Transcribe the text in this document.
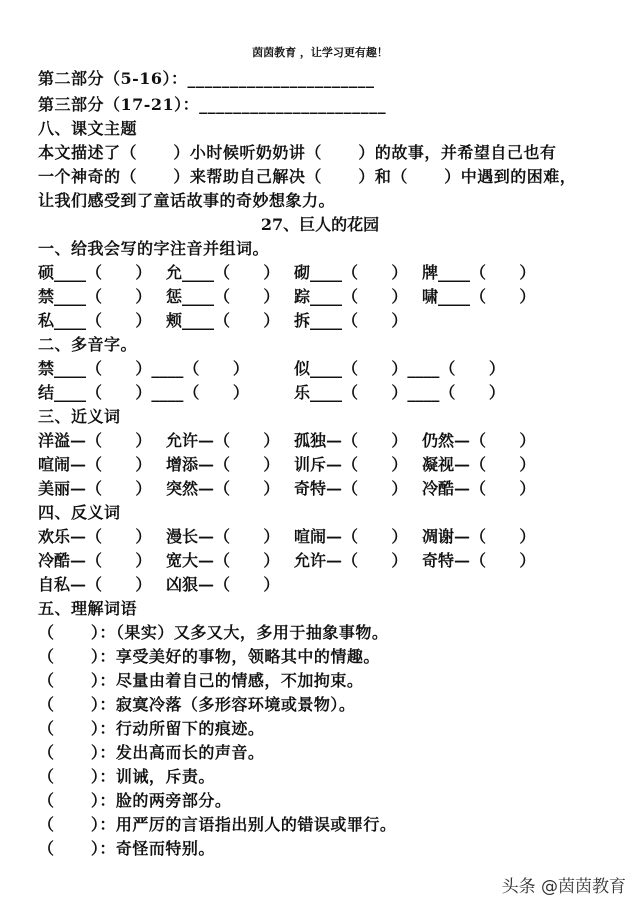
茵茵教育 ，让学习更有趣！
第二部分（5-16）：______________________
第三部分（17-21）：______________________
八、课文主题
本文描述了（      ）小时候听奶奶讲（      ）的故事，并希望自己也有
一个神奇的（      ）来帮助自己解决（      ）和（      ）中遇到的困难，
让我们感受到了童话故事的奇妙想象力。
27、巨人的花园
一、给我会写的字注音并组词。
硕____（      ） 允____（      ） 砌____（      ） 牌____（      ）
禁____（      ） 惩____（      ） 踪____（      ） 啸____（      ）
私____（      ） 颊____（      ） 拆____（      ）
二、多音字。
禁____（      ）____（      ）	似____（      ）____（      ）
结____（      ）____（      ）	乐____（      ）____（      ）
三、近义词
洋溢—（      ） 允许—（      ） 孤独—（      ） 仍然—（      ）
喧闹—（      ） 增添—（      ） 训斥—（      ） 凝视—（      ）
美丽—（      ） 突然—（      ） 奇特—（      ） 冷酷—（      ）
四、反义词
欢乐—（      ） 漫长—（      ） 喧闹—（      ） 凋谢—（      ）
冷酷—（      ） 宽大—（      ） 允许—（      ） 奇特—（      ）
自私—（      ） 凶狠—（      ）
五、理解词语
（      ）：（果实）又多又大，多用于抽象事物。
（      ）：享受美好的事物，领略其中的情趣。
（      ）：尽量由着自己的情感，不加拘束。
（      ）：寂寞冷落（多形容环境或景物）。
（      ）：行动所留下的痕迹。
（      ）：发出高而长的声音。
（      ）：训诫，斥责。
（      ）：脸的两旁部分。
（      ）：用严厉的言语指出别人的错误或罪行。
（      ）：奇怪而特别。
头条 @茵茵教育
